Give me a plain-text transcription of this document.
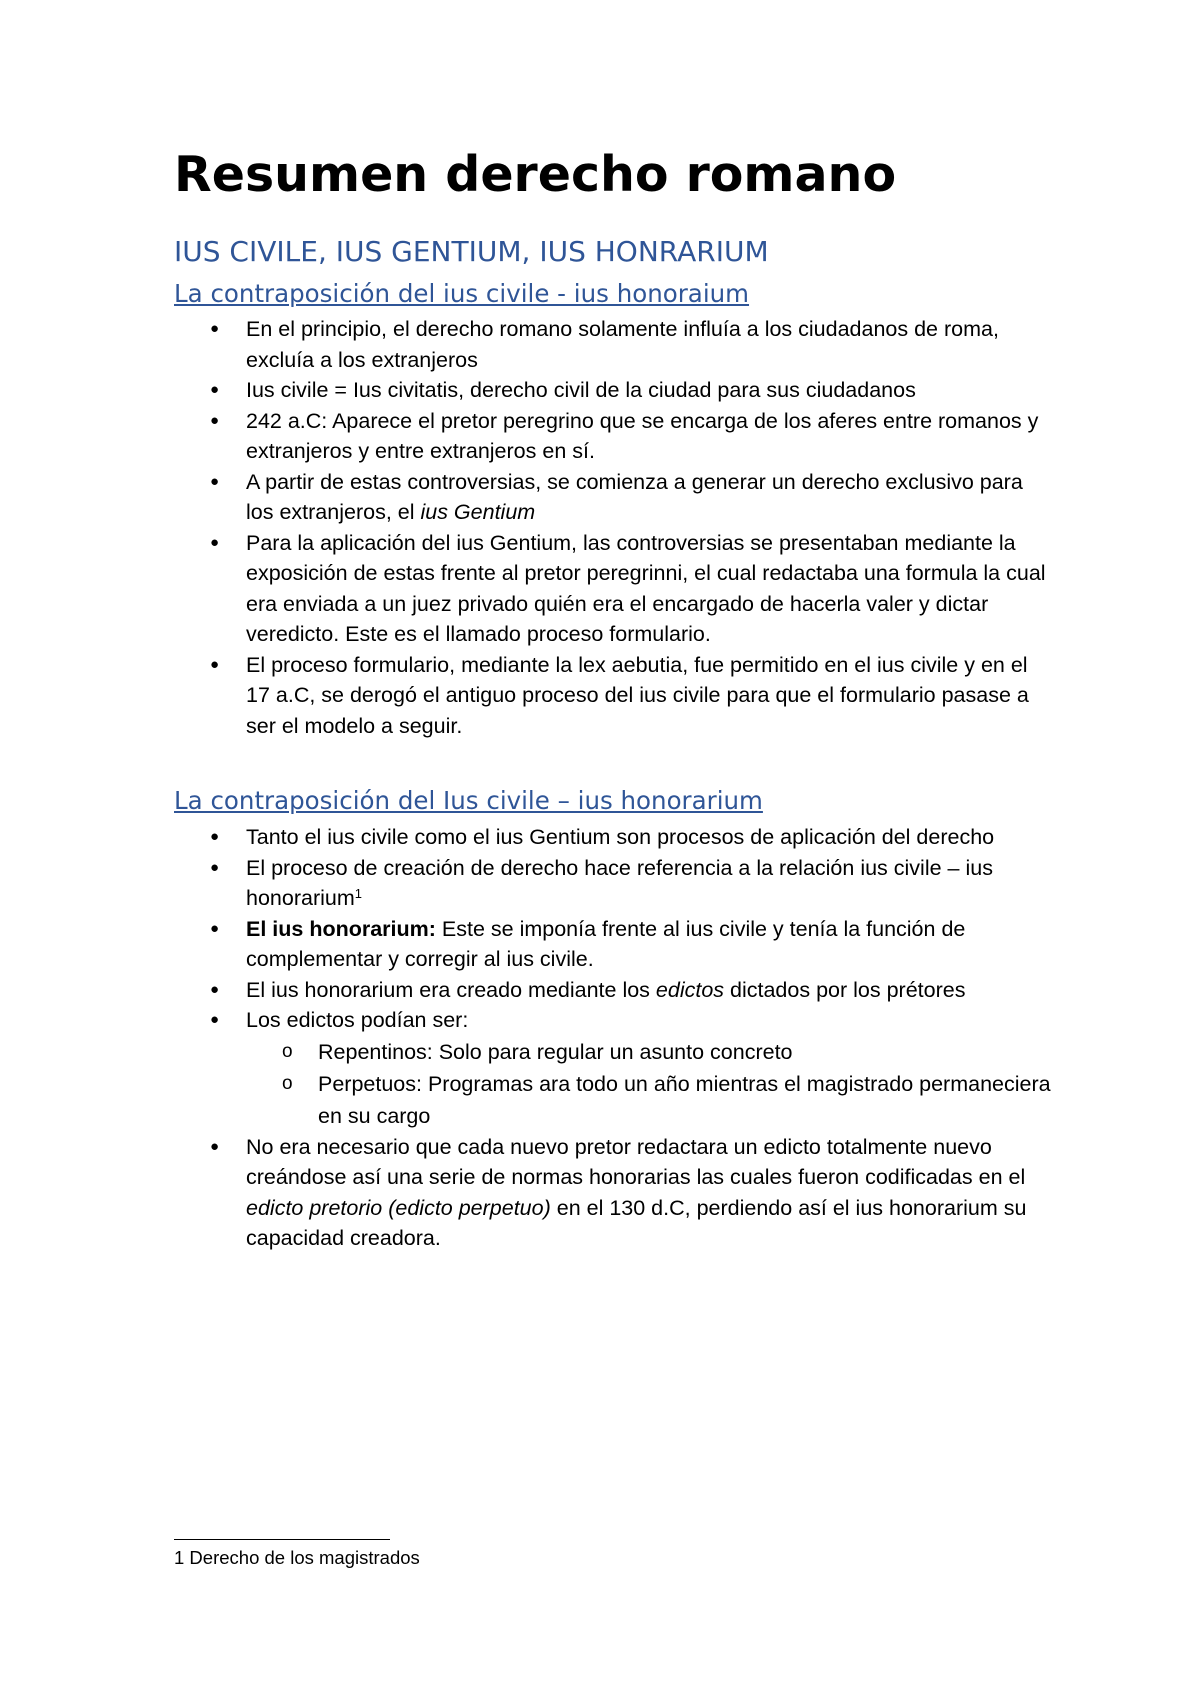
Resumen derecho romano
IUS CIVILE, IUS GENTIUM, IUS HONRARIUM
La contraposición del ius civile - ius honoraium
● En el principio, el derecho romano solamente influía a los ciudadanos de roma, excluía a los extranjeros
● Ius civile = Ius civitatis, derecho civil de la ciudad para sus ciudadanos
● 242 a.C: Aparece el pretor peregrino que se encarga de los aferes entre romanos y extranjeros y entre extranjeros en sí.
● A partir de estas controversias, se comienza a generar un derecho exclusivo para los extranjeros, el ius Gentium
● Para la aplicación del ius Gentium, las controversias se presentaban mediante la exposición de estas frente al pretor peregrinni, el cual redactaba una formula la cual era enviada a un juez privado quién era el encargado de hacerla valer y dictar veredicto. Este es el llamado proceso formulario.
● El proceso formulario, mediante la lex aebutia, fue permitido en el ius civile y en el 17 a.C, se derogó el antiguo proceso del ius civile para que el formulario pasase a ser el modelo a seguir.
La contraposición del Ius civile – ius honorarium
● Tanto el ius civile como el ius Gentium son procesos de aplicación del derecho
● El proceso de creación de derecho hace referencia a la relación ius civile – ius honorarium$^1$
● El ius honorarium: Este se imponía frente al ius civile y tenía la función de complementar y corregir al ius civile.
● El ius honorarium era creado mediante los edictos dictados por los prétores
● Los edictos podían ser:
o Repentinos: Solo para regular un asunto concreto
o Perpetuos: Programas ara todo un año mientras el magistrado permaneciera en su cargo
● No era necesario que cada nuevo pretor redactara un edicto totalmente nuevo creándose así una serie de normas honorarias las cuales fueron codificadas en el edicto pretorio (edicto perpetuo) en el 130 d.C, perdiendo así el ius honorarium su capacidad creadora.

1 Derecho de los magistrados
